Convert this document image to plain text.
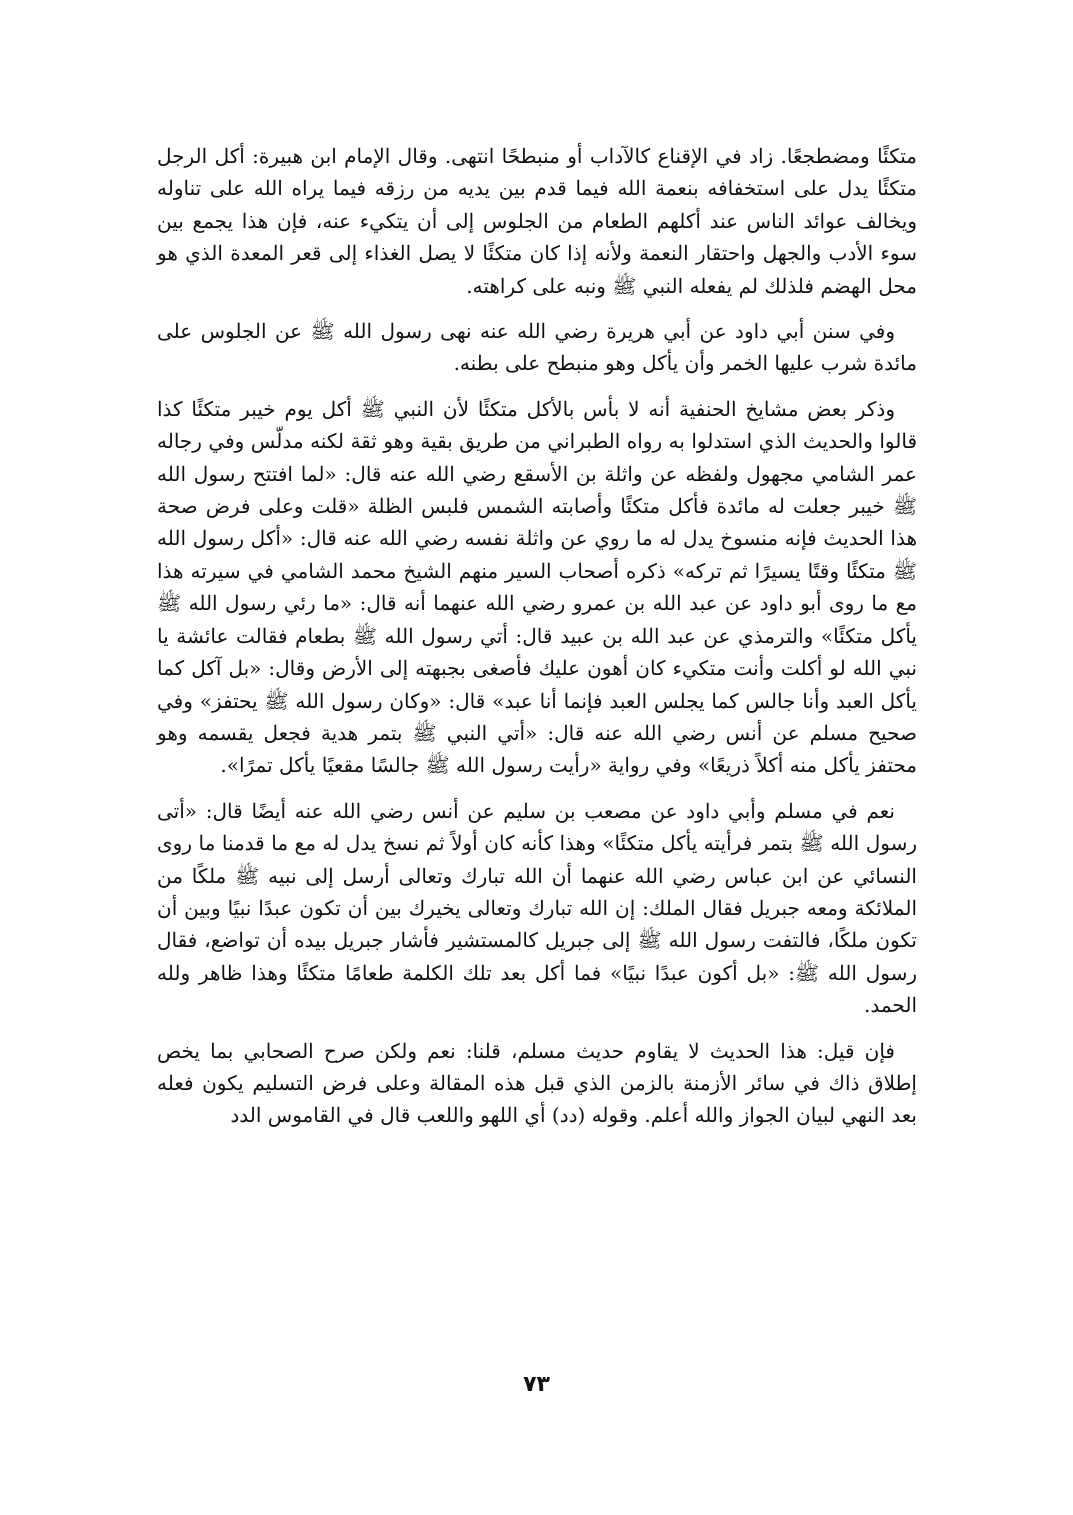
متكئًا ومضطجعًا. زاد في الإقناع كالآداب أو منبطحًا انتهى. وقال الإمام ابن هبيرة: أكل الرجل متكئًا يدل على استخفافه بنعمة الله فيما قدم بين يديه من رزقه فيما يراه الله على تناوله ويخالف عوائد الناس عند أكلهم الطعام من الجلوس إلى أن يتكيء عنه، فإن هذا يجمع بين سوء الأدب والجهل واحتقار النعمة ولأنه إذا كان متكئًا لا يصل الغذاء إلى قعر المعدة الذي هو محل الهضم فلذلك لم يفعله النبي ﷺ ونبه على كراهته.

وفي سنن أبي داود عن أبي هريرة رضي الله عنه نهى رسول الله ﷺ عن الجلوس على مائدة شرب عليها الخمر وأن يأكل وهو منبطح على بطنه.

وذكر بعض مشايخ الحنفية أنه لا بأس بالأكل متكئًا لأن النبي ﷺ أكل يوم خيبر متكئًا كذا قالوا والحديث الذي استدلوا به رواه الطبراني من طريق بقية وهو ثقة لكنه مدلّس وفي رجاله عمر الشامي مجهول ولفظه عن واثلة بن الأسقع رضي الله عنه قال: «لما افتتح رسول الله ﷺ خيبر جعلت له مائدة فأكل متكئًا وأصابته الشمس فلبس الظلة «قلت وعلى فرض صحة هذا الحديث فإنه منسوخ يدل له ما روي عن واثلة نفسه رضي الله عنه قال: «أكل رسول الله ﷺ متكئًا وقتًا يسيرًا ثم تركه» ذكره أصحاب السير منهم الشيخ محمد الشامي في سيرته هذا مع ما روى أبو داود عن عبد الله بن عمرو رضي الله عنهما أنه قال: «ما رئي رسول الله ﷺ يأكل متكئًا» والترمذي عن عبد الله بن عبيد قال: أتي رسول الله ﷺ بطعام فقالت عائشة يا نبي الله لو أكلت وأنت متكيء كان أهون عليك فأصغى بجبهته إلى الأرض وقال: «بل آكل كما يأكل العبد وأنا جالس كما يجلس العبد فإنما أنا عبد» قال: «وكان رسول الله ﷺ يحتفز» وفي صحيح مسلم عن أنس رضي الله عنه قال: «أتي النبي ﷺ بتمر هدية فجعل يقسمه وهو محتفز يأكل منه أكلاً ذريعًا» وفي رواية «رأيت رسول الله ﷺ جالسًا مقعيًا يأكل تمرًا».

نعم في مسلم وأبي داود عن مصعب بن سليم عن أنس رضي الله عنه أيضًا قال: «أتى رسول الله ﷺ بتمر فرأيته يأكل متكئًا» وهذا كأنه كان أولاً ثم نسخ يدل له مع ما قدمنا ما روى النسائي عن ابن عباس رضي الله عنهما أن الله تبارك وتعالى أرسل إلى نبيه ﷺ ملكًا من الملائكة ومعه جبريل فقال الملك: إن الله تبارك وتعالى يخيرك بين أن تكون عبدًا نبيًا وبين أن تكون ملكًا، فالتفت رسول الله ﷺ إلى جبريل كالمستشير فأشار جبريل بيده أن تواضع، فقال رسول الله ﷺ: «بل أكون عبدًا نبيًا» فما أكل بعد تلك الكلمة طعامًا متكئًا وهذا ظاهر ولله الحمد.

فإن قيل: هذا الحديث لا يقاوم حديث مسلم، قلنا: نعم ولكن صرح الصحابي بما يخص إطلاق ذاك في سائر الأزمنة بالزمن الذي قبل هذه المقالة وعلى فرض التسليم يكون فعله بعد النهي لبيان الجواز والله أعلم. وقوله (دد) أي اللهو واللعب قال في القاموس الدد

٧٣
